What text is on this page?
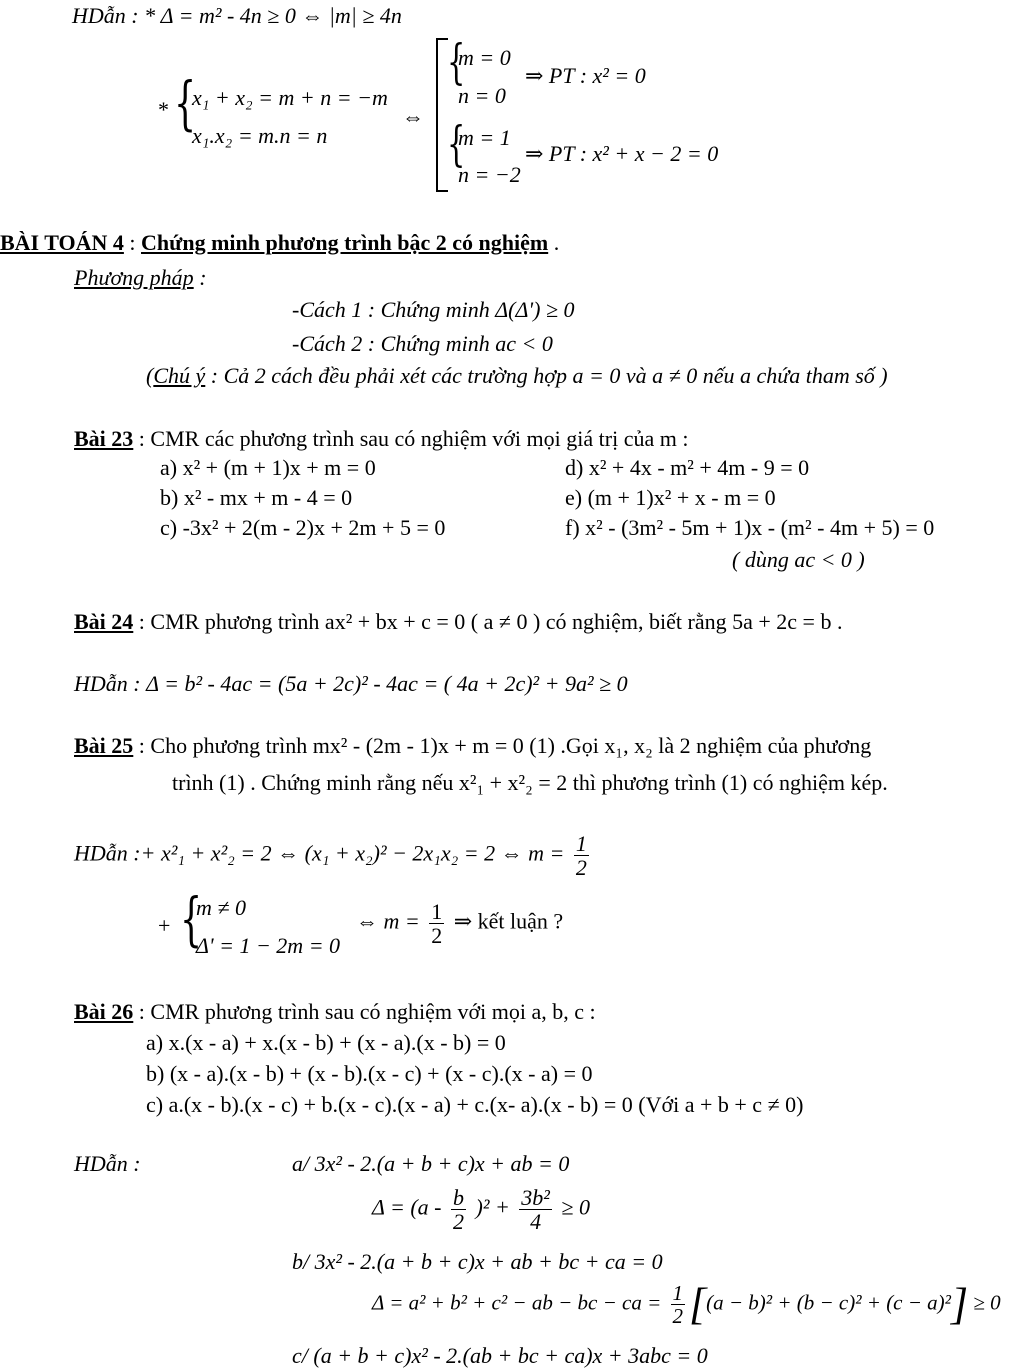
HDẫn : * Δ = m² - 4n ≥ 0 ⇔ |m| ≥ 4n
* {
x₁ + x₂ = m + n = −m
x₁.x₂ = m.n = n
⇔
{
m = 0
n = 0
⇒ PT : x² = 0
{
m = 1
n = −2
⇒ PT : x² + x − 2 = 0
BÀI TOÁN 4 : Chứng minh phương trình bậc 2 có nghiệm .
Phương pháp :
-Cách 1 : Chứng minh Δ(Δ') ≥ 0
-Cách 2 : Chứng minh ac < 0
(Chú ý : Cả 2 cách đều phải xét các trường hợp a = 0 và a ≠ 0 nếu a chứa tham số )
Bài 23 : CMR các phương trình sau có nghiệm với mọi giá trị của m :
a) x² + (m + 1)x + m = 0
b) x² - mx + m - 4 = 0
c) -3x² + 2(m - 2)x + 2m + 5 = 0
d) x² + 4x - m² + 4m - 9 = 0
e) (m + 1)x² + x - m = 0
f) x² - (3m² - 5m + 1)x - (m² - 4m + 5) = 0
( dùng ac < 0 )
Bài 24 : CMR phương trình ax² + bx + c = 0 ( a ≠ 0 ) có nghiệm, biết rằng 5a + 2c = b .
HDẫn : Δ = b² - 4ac = (5a + 2c)² - 4ac = ( 4a + 2c)² + 9a² ≥ 0
Bài 25 : Cho phương trình mx² - (2m - 1)x + m = 0 (1) .Gọi x₁, x₂ là 2 nghiệm của phương
trình (1) . Chứng minh rằng nếu x²₁ + x²₂ = 2 thì phương trình (1) có nghiệm kép.
HDẫn :+ x²₁ + x²₂ = 2 ⇔ (x₁ + x₂)² − 2x₁x₂ = 2 ⇔ $m = \frac{1}{2}$
+ {
m ≠ 0
Δ' = 1 − 2m = 0
⇔ $m = \frac{1}{2}$ ⇒ kết luận ?
Bài 26 : CMR phương trình sau có nghiệm với mọi a, b, c :
a) x.(x - a) + x.(x - b) + (x - a).(x - b) = 0
b) (x - a).(x - b) + (x - b).(x - c) + (x - c).(x - a) = 0
c) a.(x - b).(x - c) + b.(x - c).(x - a) + c.(x- a).(x - b) = 0 (Với a + b + c ≠ 0)
HDẫn :	a/ 3x² - 2.(a + b + c)x + ab = 0
$\Delta = (a - \frac{b}{2} )^2 + \frac{\text{3b²}}{4} \ge 0$
b/ 3x² - 2.(a + b + c)x + ab + bc + ca = 0
Δ = a² + b² + c² − ab − bc − ca = $\frac{1}{2} [(a - b)^2 + (b - c)^2 + (c - a)^2] \ge 0$
c/ (a + b + c)x² - 2.(ab + bc + ca)x + 3abc = 0
